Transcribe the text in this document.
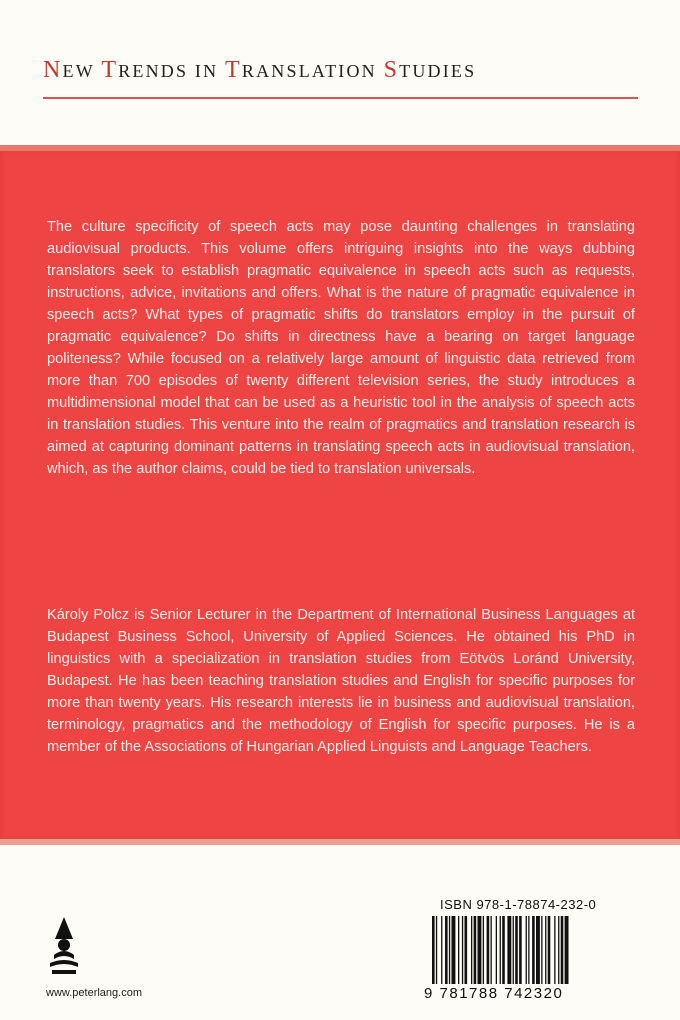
NEW TRENDS IN TRANSLATION STUDIES
The culture specificity of speech acts may pose daunting challenges in translating audiovisual products. This volume offers intriguing insights into the ways dubbing translators seek to establish pragmatic equivalence in speech acts such as requests, instructions, advice, invitations and offers. What is the nature of pragmatic equivalence in speech acts? What types of pragmatic shifts do translators employ in the pursuit of pragmatic equivalence? Do shifts in directness have a bearing on target language politeness? While focused on a relatively large amount of linguistic data retrieved from more than 700 episodes of twenty different television series, the study introduces a multidimensional model that can be used as a heuristic tool in the analysis of speech acts in translation studies. This venture into the realm of pragmatics and translation research is aimed at capturing dominant patterns in translating speech acts in audiovisual translation, which, as the author claims, could be tied to translation universals.
Károly Polcz is Senior Lecturer in the Department of International Business Languages at Budapest Business School, University of Applied Sciences. He obtained his PhD in linguistics with a specialization in translation studies from Eötvös Loránd University, Budapest. He has been teaching translation studies and English for specific purposes for more than twenty years. His research interests lie in business and audiovisual translation, terminology, pragmatics and the methodology of English for specific purposes. He is a member of the Associations of Hungarian Applied Linguists and Language Teachers.
www.peterlang.com
ISBN 978-1-78874-232-0
9 781788 742320
